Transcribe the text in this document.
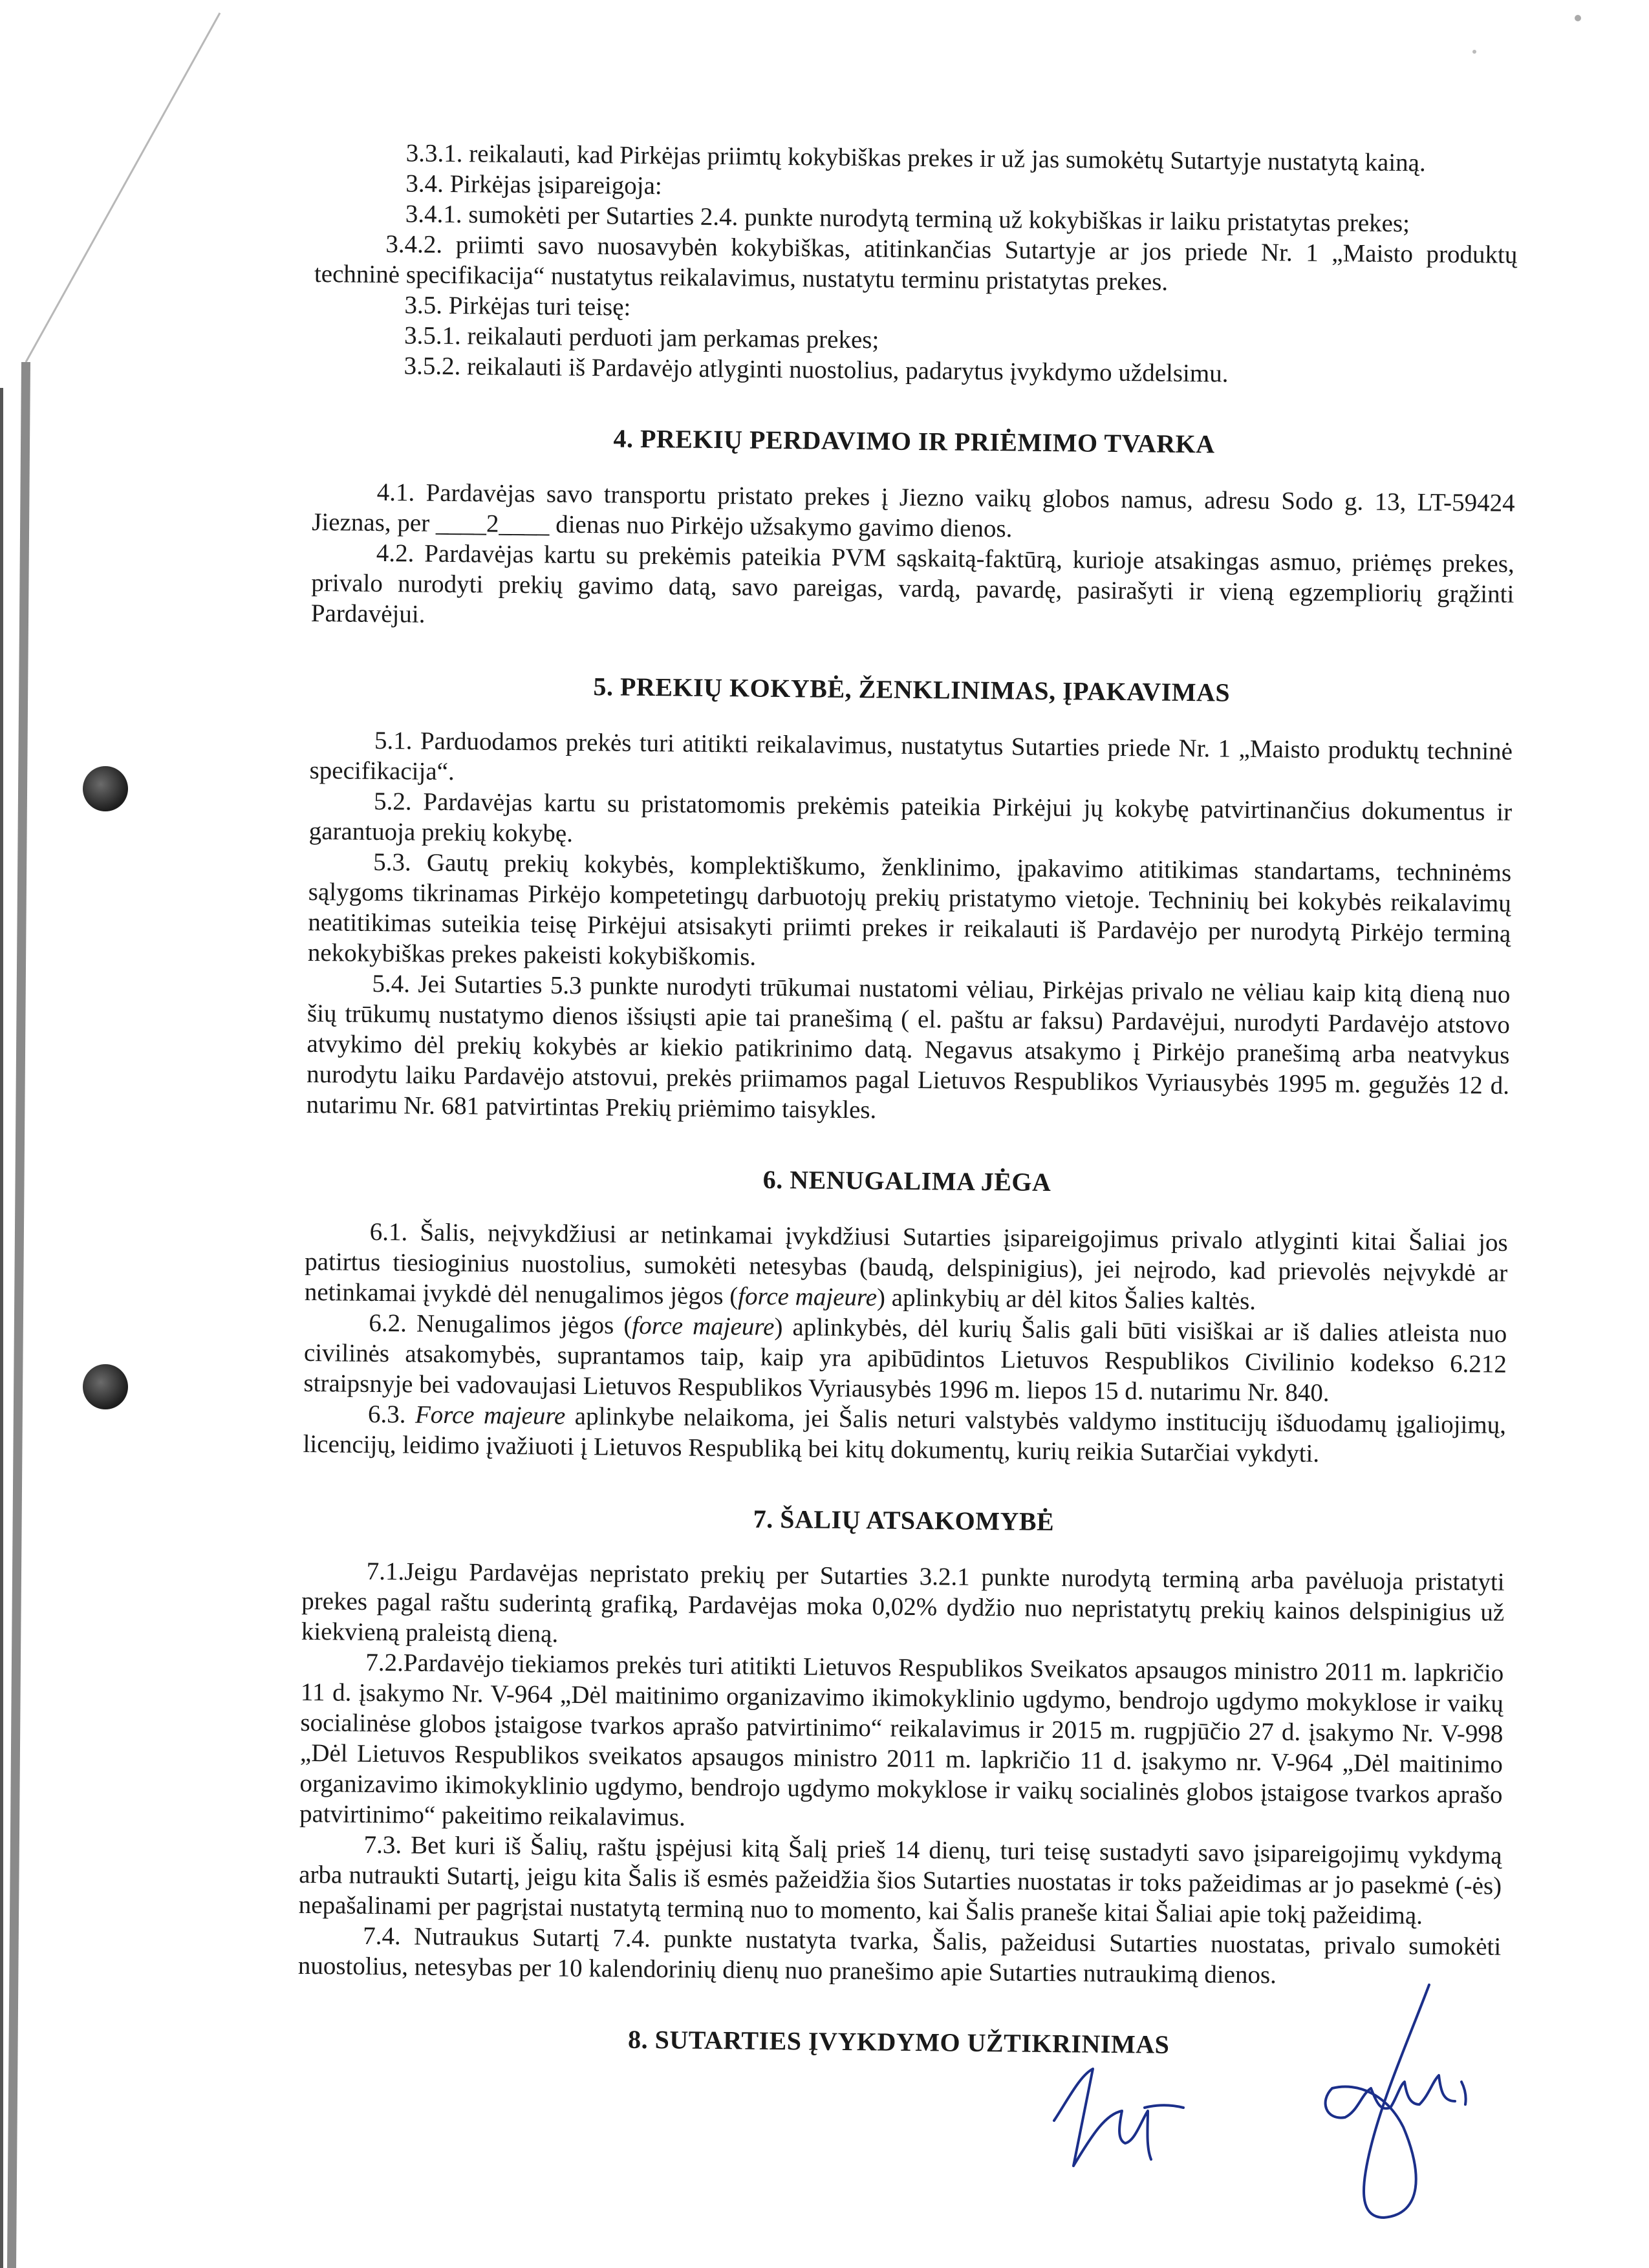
3.3.1. reikalauti, kad Pirkėjas priimtų kokybiškas prekes ir už jas sumokėtų Sutartyje nustatytą kainą.
3.4. Pirkėjas įsipareigoja:
3.4.1. sumokėti per Sutarties 2.4. punkte nurodytą terminą už kokybiškas ir laiku pristatytas prekes;
3.4.2. priimti savo nuosavybėn kokybiškas, atitinkančias Sutartyje ar jos priede Nr. 1 „Maisto produktų techninė specifikacija“ nustatytus reikalavimus, nustatytu terminu pristatytas prekes.
3.5. Pirkėjas turi teisę:
3.5.1. reikalauti perduoti jam perkamas prekes;
3.5.2. reikalauti iš Pardavėjo atlyginti nuostolius, padarytus įvykdymo uždelsimu.
4. PREKIŲ PERDAVIMO IR PRIĖMIMO TVARKA
4.1. Pardavėjas savo transportu pristato prekes į Jiezno vaikų globos namus, adresu Sodo g. 13, LT-59424 Jieznas, per ____2____ dienas nuo Pirkėjo užsakymo gavimo dienos.
4.2. Pardavėjas kartu su prekėmis pateikia PVM sąskaitą-faktūrą, kurioje atsakingas asmuo, priėmęs prekes, privalo nurodyti prekių gavimo datą, savo pareigas, vardą, pavardę, pasirašyti ir vieną egzempliorių grąžinti Pardavėjui.
5. PREKIŲ KOKYBĖ, ŽENKLINIMAS, ĮPAKAVIMAS
5.1. Parduodamos prekės turi atitikti reikalavimus, nustatytus Sutarties priede Nr. 1 „Maisto produktų techninė specifikacija“.
5.2. Pardavėjas kartu su pristatomomis prekėmis pateikia Pirkėjui jų kokybę patvirtinančius dokumentus ir garantuoja prekių kokybę.
5.3. Gautų prekių kokybės, komplektiškumo, ženklinimo, įpakavimo atitikimas standartams, techninėms sąlygoms tikrinamas Pirkėjo kompetetingų darbuotojų prekių pristatymo vietoje. Techninių bei kokybės reikalavimų neatitikimas suteikia teisę Pirkėjui atsisakyti priimti prekes ir reikalauti iš Pardavėjo per nurodytą Pirkėjo terminą nekokybiškas prekes pakeisti kokybiškomis.
5.4. Jei Sutarties 5.3 punkte nurodyti trūkumai nustatomi vėliau, Pirkėjas privalo ne vėliau kaip kitą dieną nuo šių trūkumų nustatymo dienos išsiųsti apie tai pranešimą ( el. paštu ar faksu) Pardavėjui, nurodyti Pardavėjo atstovo atvykimo dėl prekių kokybės ar kiekio patikrinimo datą. Negavus atsakymo į Pirkėjo pranešimą arba neatvykus nurodytu laiku Pardavėjo atstovui, prekės priimamos pagal Lietuvos Respublikos Vyriausybės 1995 m. gegužės 12 d. nutarimu Nr. 681 patvirtintas Prekių priėmimo taisykles.
6. NENUGALIMA JĖGA
6.1. Šalis, neįvykdžiusi ar netinkamai įvykdžiusi Sutarties įsipareigojimus privalo atlyginti kitai Šaliai jos patirtus tiesioginius nuostolius, sumokėti netesybas (baudą, delspinigius), jei neįrodo, kad prievolės neįvykdė ar netinkamai įvykdė dėl nenugalimos jėgos (force majeure) aplinkybių ar dėl kitos Šalies kaltės.
6.2. Nenugalimos jėgos (force majeure) aplinkybės, dėl kurių Šalis gali būti visiškai ar iš dalies atleista nuo civilinės atsakomybės, suprantamos taip, kaip yra apibūdintos Lietuvos Respublikos Civilinio kodekso 6.212 straipsnyje bei vadovaujasi Lietuvos Respublikos Vyriausybės 1996 m. liepos 15 d. nutarimu Nr. 840.
6.3. Force majeure aplinkybe nelaikoma, jei Šalis neturi valstybės valdymo institucijų išduodamų įgaliojimų, licencijų, leidimo įvažiuoti į Lietuvos Respubliką bei kitų dokumentų, kurių reikia Sutarčiai vykdyti.
7. ŠALIŲ ATSAKOMYBĖ
7.1.Jeigu Pardavėjas nepristato prekių per Sutarties 3.2.1 punkte nurodytą terminą arba pavėluoja pristatyti prekes pagal raštu suderintą grafiką, Pardavėjas moka 0,02% dydžio nuo nepristatytų prekių kainos delspinigius už kiekvieną praleistą dieną.
7.2.Pardavėjo tiekiamos prekės turi atitikti Lietuvos Respublikos Sveikatos apsaugos ministro 2011 m. lapkričio 11 d. įsakymo Nr. V-964 „Dėl maitinimo organizavimo ikimokyklinio ugdymo, bendrojo ugdymo mokyklose ir vaikų socialinėse globos įstaigose tvarkos aprašo patvirtinimo“ reikalavimus ir 2015 m. rugpjūčio 27 d. įsakymo Nr. V-998 „Dėl Lietuvos Respublikos sveikatos apsaugos ministro 2011 m. lapkričio 11 d. įsakymo nr. V-964 „Dėl maitinimo organizavimo ikimokyklinio ugdymo, bendrojo ugdymo mokyklose ir vaikų socialinės globos įstaigose tvarkos aprašo patvirtinimo“ pakeitimo reikalavimus.
7.3. Bet kuri iš Šalių, raštu įspėjusi kitą Šalį prieš 14 dienų, turi teisę sustadyti savo įsipareigojimų vykdymą arba nutraukti Sutartį, jeigu kita Šalis iš esmės pažeidžia šios Sutarties nuostatas ir toks pažeidimas ar jo pasekmė (-ės) nepašalinami per pagrįstai nustatytą terminą nuo to momento, kai Šalis praneše kitai Šaliai apie tokį pažeidimą.
7.4. Nutraukus Sutartį 7.4. punkte nustatyta tvarka, Šalis, pažeidusi Sutarties nuostatas, privalo sumokėti nuostolius, netesybas per 10 kalendorinių dienų nuo pranešimo apie Sutarties nutraukimą dienos.
8. SUTARTIES ĮVYKDYMO UŽTIKRINIMAS
